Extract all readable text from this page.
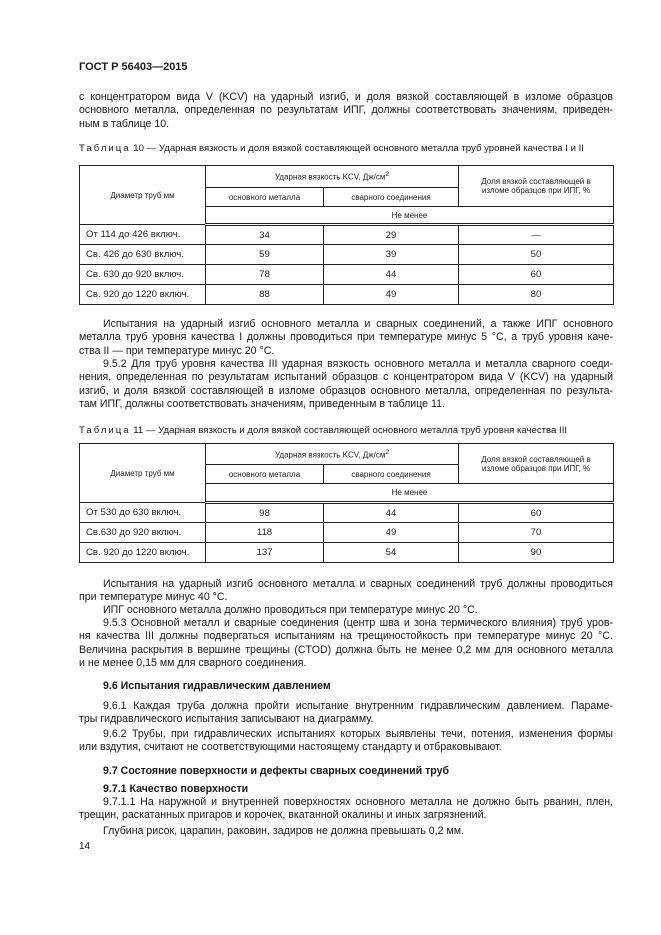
ГОСТ Р 56403—2015
с концентратором вида V (KCV) на ударный изгиб, и доля вязкой составляющей в изломе образцов
основного металла, определенная по результатам ИПГ, должны соответствовать значениям, приведен-
ным в таблице 10.
Испытания на ударный изгиб основного металла и сварных соединений, а также ИПГ основного
металла труб уровня качества I должны проводиться при температуре минус 5 °С, а труб уровня каче-
ства II — при температуре минус 20 °С.
9.5.2 Для труб уровня качества III ударная вязкость основного металла и металла сварного соеди-
нения, определенная по результатам испытаний образцов с концентратором вида V (KCV) на ударный
изгиб, и доля вязкой составляющей в изломе образцов основного металла, определенная по результа-
там ИПГ, должны соответствовать значениям, приведенным в таблице 11.
Испытания на ударный изгиб основного металла и сварных соединений труб должны проводиться
при температуре минус 40 °С.
ИПГ основного металла должно проводиться при температуре минус 20 °С.
9.5.3 Основной металл и сварные соединения (центр шва и зона термического влияния) труб уров-
ня качества III должны подвергаться испытаниям на трещиностойкость при температуре минус 20 °С.
Величина раскрытия в вершине трещины (CTOD) должна быть не менее 0,2 мм для основного металла
и не менее 0,15 мм для сварного соединения.
9.6 Испытания гидравлическим давлением
9.6.1 Каждая труба должна пройти испытание внутренним гидравлическим давлением. Параме-
тры гидравлического испытания записывают на диаграмму.
9.6.2 Трубы, при гидравлических испытаниях которых выявлены течи, потения, изменения формы
или вздутия, считают не соответствующими настоящему стандарту и отбраковывают.
9.7 Состояние поверхности и дефекты сварных соединений труб
9.7.1 Качество поверхности
9.7.1.1 На наружной и внутренней поверхностях основного металла не должно быть рванин, плен,
трещин, раскатанных пригаров и корочек, вкатанной окалины и иных загрязнений.
Глубина рисок, царапин, раковин, задиров не должна превышать 0,2 мм.
Таблица 10 — Ударная вязкость и доля вязкой составляющей основного металла труб уровней качества I и II
Диаметр труб мм	Ударная вязкость KCV, $Дж/см^2$		Доля вязкой составляющей в изломе образцов при ИПГ, %
	основного металла	сварного соединения	
	Не менее		
От 114 до 426 включ.	34	29	—
Св. 426 до 630 включ.	59	39	50
Св. 630 до 920 включ.	78	44	60
Св. 920 до 1220 включ.	88	49	80
Таблица 11 — Ударная вязкость и доля вязкой составляющей основного металла труб уровня качества III
Диаметр труб мм	Ударная вязкость KCV, $Дж/см^2$		Доля вязкой составляющей в изломе образцов при ИПГ, %
	основного металла	сварного соединения	
	Не менее		
От 530 до 630 включ.	98	44	60
Св.630 до 920 включ.	118	49	70
Св. 920 до 1220 включ.	137	54	90
14
